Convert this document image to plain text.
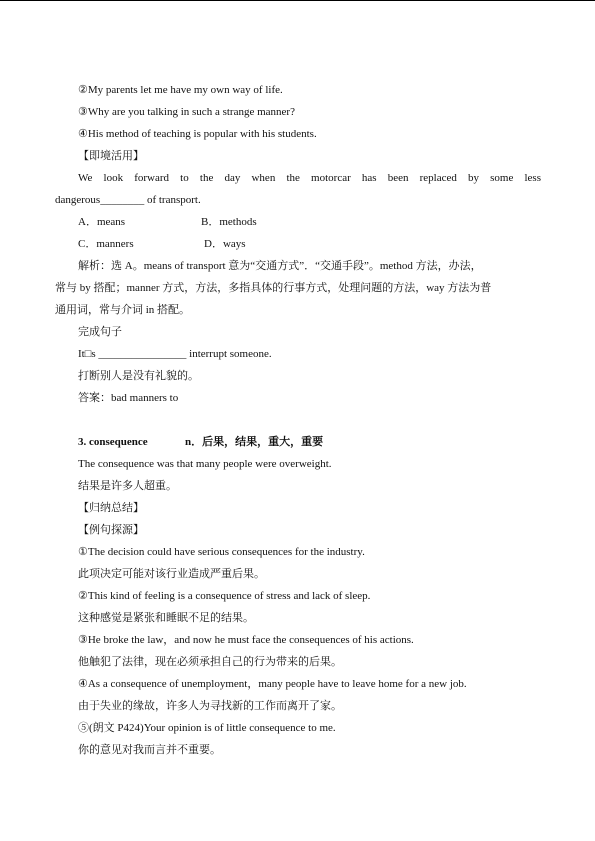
②My parents let me have my own way of life.
③Why are you talking in such a strange manner?
④His method of teaching is popular with his students.
【即境活用】
We look forward to the day when the motorcar has been replaced by some less
dangerous________ of transport.
A．means	B．methods
C．manners	D．ways
解析：选 A。means of transport 意为“交通方式”．“交通手段”。method 方法，办法，
常与 by 搭配；manner 方式，方法，多指具体的行事方式，处理问题的方法，way 方法为普
通用词，常与介词 in 搭配。
完成句子
It□s ________________ interrupt someone.
打断别人是没有礼貌的。
答案：bad manners to
3. consequence	n．后果，结果，重大，重要
The consequence was that many people were overweight.
结果是许多人超重。
【归纳总结】
【例句探源】
①The decision could have serious consequences for the industry.
此项决定可能对该行业造成严重后果。
②This kind of feeling is a consequence of stress and lack of sleep.
这种感觉是紧张和睡眠不足的结果。
③He broke the law，and now he must face the consequences of his actions.
他触犯了法律，现在必须承担自己的行为带来的后果。
④As a consequence of unemployment，many people have to leave home for a new job.
由于失业的缘故，许多人为寻找新的工作而离开了家。
⑤(朗文 P424)Your opinion is of little consequence to me.
你的意见对我而言并不重要。
